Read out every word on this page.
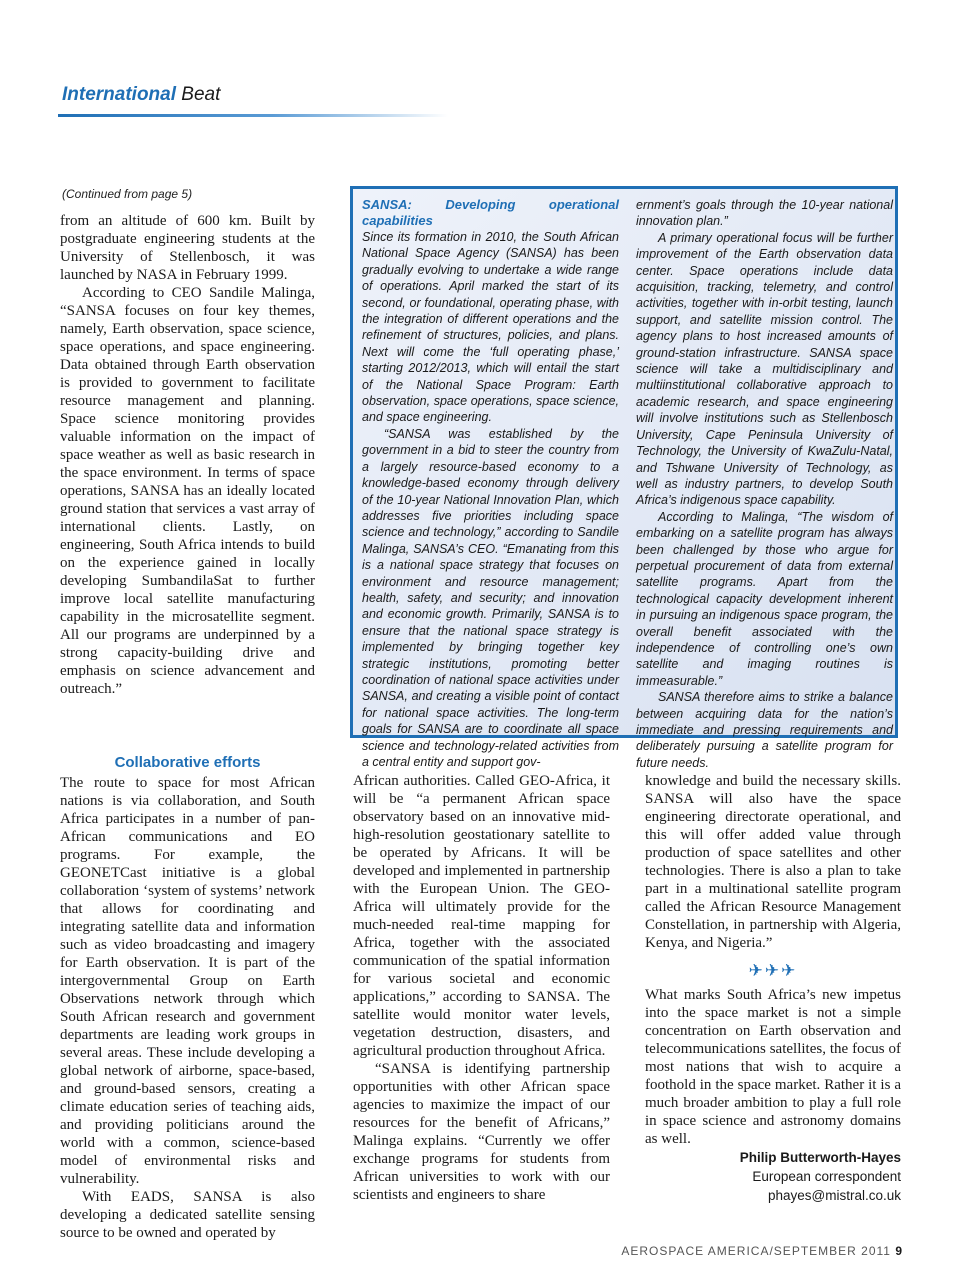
International Beat
(Continued from page 5)

from an altitude of 600 km. Built by postgraduate engineering students at the University of Stellenbosch, it was launched by NASA in February 1999.

According to CEO Sandile Malinga, “SANSA focuses on four key themes, namely, Earth observation, space science, space operations, and space engineering. Data obtained through Earth observation is provided to government to facilitate resource management and planning. Space science monitoring provides valuable information on the impact of space weather as well as basic research in the space environment. In terms of space operations, SANSA has an ideally located ground station that services a vast array of international clients. Lastly, on engineering, South Africa intends to build on the experience gained in locally developing SumbandilaSat to further improve local satellite manufacturing capability in the microsatellite segment. All our programs are underpinned by a strong capacity-building drive and emphasis on science advancement and outreach.”

Collaborative efforts

The route to space for most African nations is via collaboration, and South Africa participates in a number of pan-African communications and EO programs. For example, the GEONETCast initiative is a global collaboration ‘system of systems’ network that allows for coordinating and integrating satellite data and information such as video broadcasting and imagery for Earth observation. It is part of the intergovernmental Group on Earth Observations network through which South African research and government departments are leading work groups in several areas. These include developing a global network of airborne, space-based, and ground-based sensors, creating a climate education series of teaching aids, and providing politicians around the world with a common, science-based model of environmental risks and vulnerability.

With EADS, SANSA is also developing a dedicated satellite sensing source to be owned and operated by

SANSA: Developing operational capabilities

Since its formation in 2010, the South African National Space Agency (SANSA) has been gradually evolving to undertake a wide range of operations. April marked the start of its second, or foundational, operating phase, with the integration of different operations and the refinement of structures, policies, and plans. Next will come the ‘full operating phase,’ starting 2012/2013, which will entail the start of the National Space Program: Earth observation, space operations, space science, and space engineering.

“SANSA was established by the government in a bid to steer the country from a largely resource-based economy to a knowledge-based economy through delivery of the 10-year National Innovation Plan, which addresses five priorities including space science and technology,” according to Sandile Malinga, SANSA’s CEO. “Emanating from this is a national space strategy that focuses on environment and resource management; health, safety, and security; and innovation and economic growth. Primarily, SANSA is to ensure that the national space strategy is implemented by bringing together key strategic institutions, promoting better coordination of national space activities under SANSA, and creating a visible point of contact for national space activities. The long-term goals for SANSA are to coordinate all space science and technology-related activities from a central entity and support gov-

ernment’s goals through the 10-year national innovation plan.”

A primary operational focus will be further improvement of the Earth observation data center. Space operations include data acquisition, tracking, telemetry, and control activities, together with in-orbit testing, launch support, and satellite mission control. The agency plans to host increased amounts of ground-station infrastructure. SANSA space science will take a multidisciplinary and multiinstitutional collaborative approach to academic research, and space engineering will involve institutions such as Stellenbosch University, Cape Peninsula University of Technology, the University of KwaZulu-Natal, and Tshwane University of Technology, as well as industry partners, to develop South Africa’s indigenous space capability.

According to Malinga, “The wisdom of embarking on a satellite program has always been challenged by those who argue for perpetual procurement of data from external satellite programs. Apart from the technological capacity development inherent in pursuing an indigenous space program, the overall benefit associated with the independence of controlling one’s own satellite and imaging routines is immeasurable.”

SANSA therefore aims to strike a balance between acquiring data for the nation’s immediate and pressing requirements and deliberately pursuing a satellite program for future needs.

African authorities. Called GEO-Africa, it will be “a permanent African space observatory based on an innovative mid-high-resolution geostationary satellite to be operated by Africans. It will be developed and implemented in partnership with the European Union. The GEO-Africa will ultimately provide for the much-needed real-time mapping for Africa, together with the associated communication of the spatial information for various societal and economic applications,” according to SANSA. The satellite would monitor water levels, vegetation destruction, disasters, and agricultural production throughout Africa.

“SANSA is identifying partnership opportunities with other African space agencies to maximize the impact of our resources for the benefit of Africans,” Malinga explains. “Currently we offer exchange programs for students from African universities to work with our scientists and engineers to share

knowledge and build the necessary skills. SANSA will also have the space engineering directorate operational, and this will offer added value through production of space satellites and other technologies. There is also a plan to take part in a multinational satellite program called the African Resource Management Constellation, in partnership with Algeria, Kenya, and Nigeria.”

✈✈✈

What marks South Africa’s new impetus into the space market is not a simple concentration on Earth observation and telecommunications satellites, the focus of most nations that wish to acquire a foothold in the space market. Rather it is a much broader ambition to play a full role in space science and astronomy domains as well.

Philip Butterworth-Hayes
European correspondent
phayes@mistral.co.uk
AEROSPACE AMERICA/SEPTEMBER 2011 9
